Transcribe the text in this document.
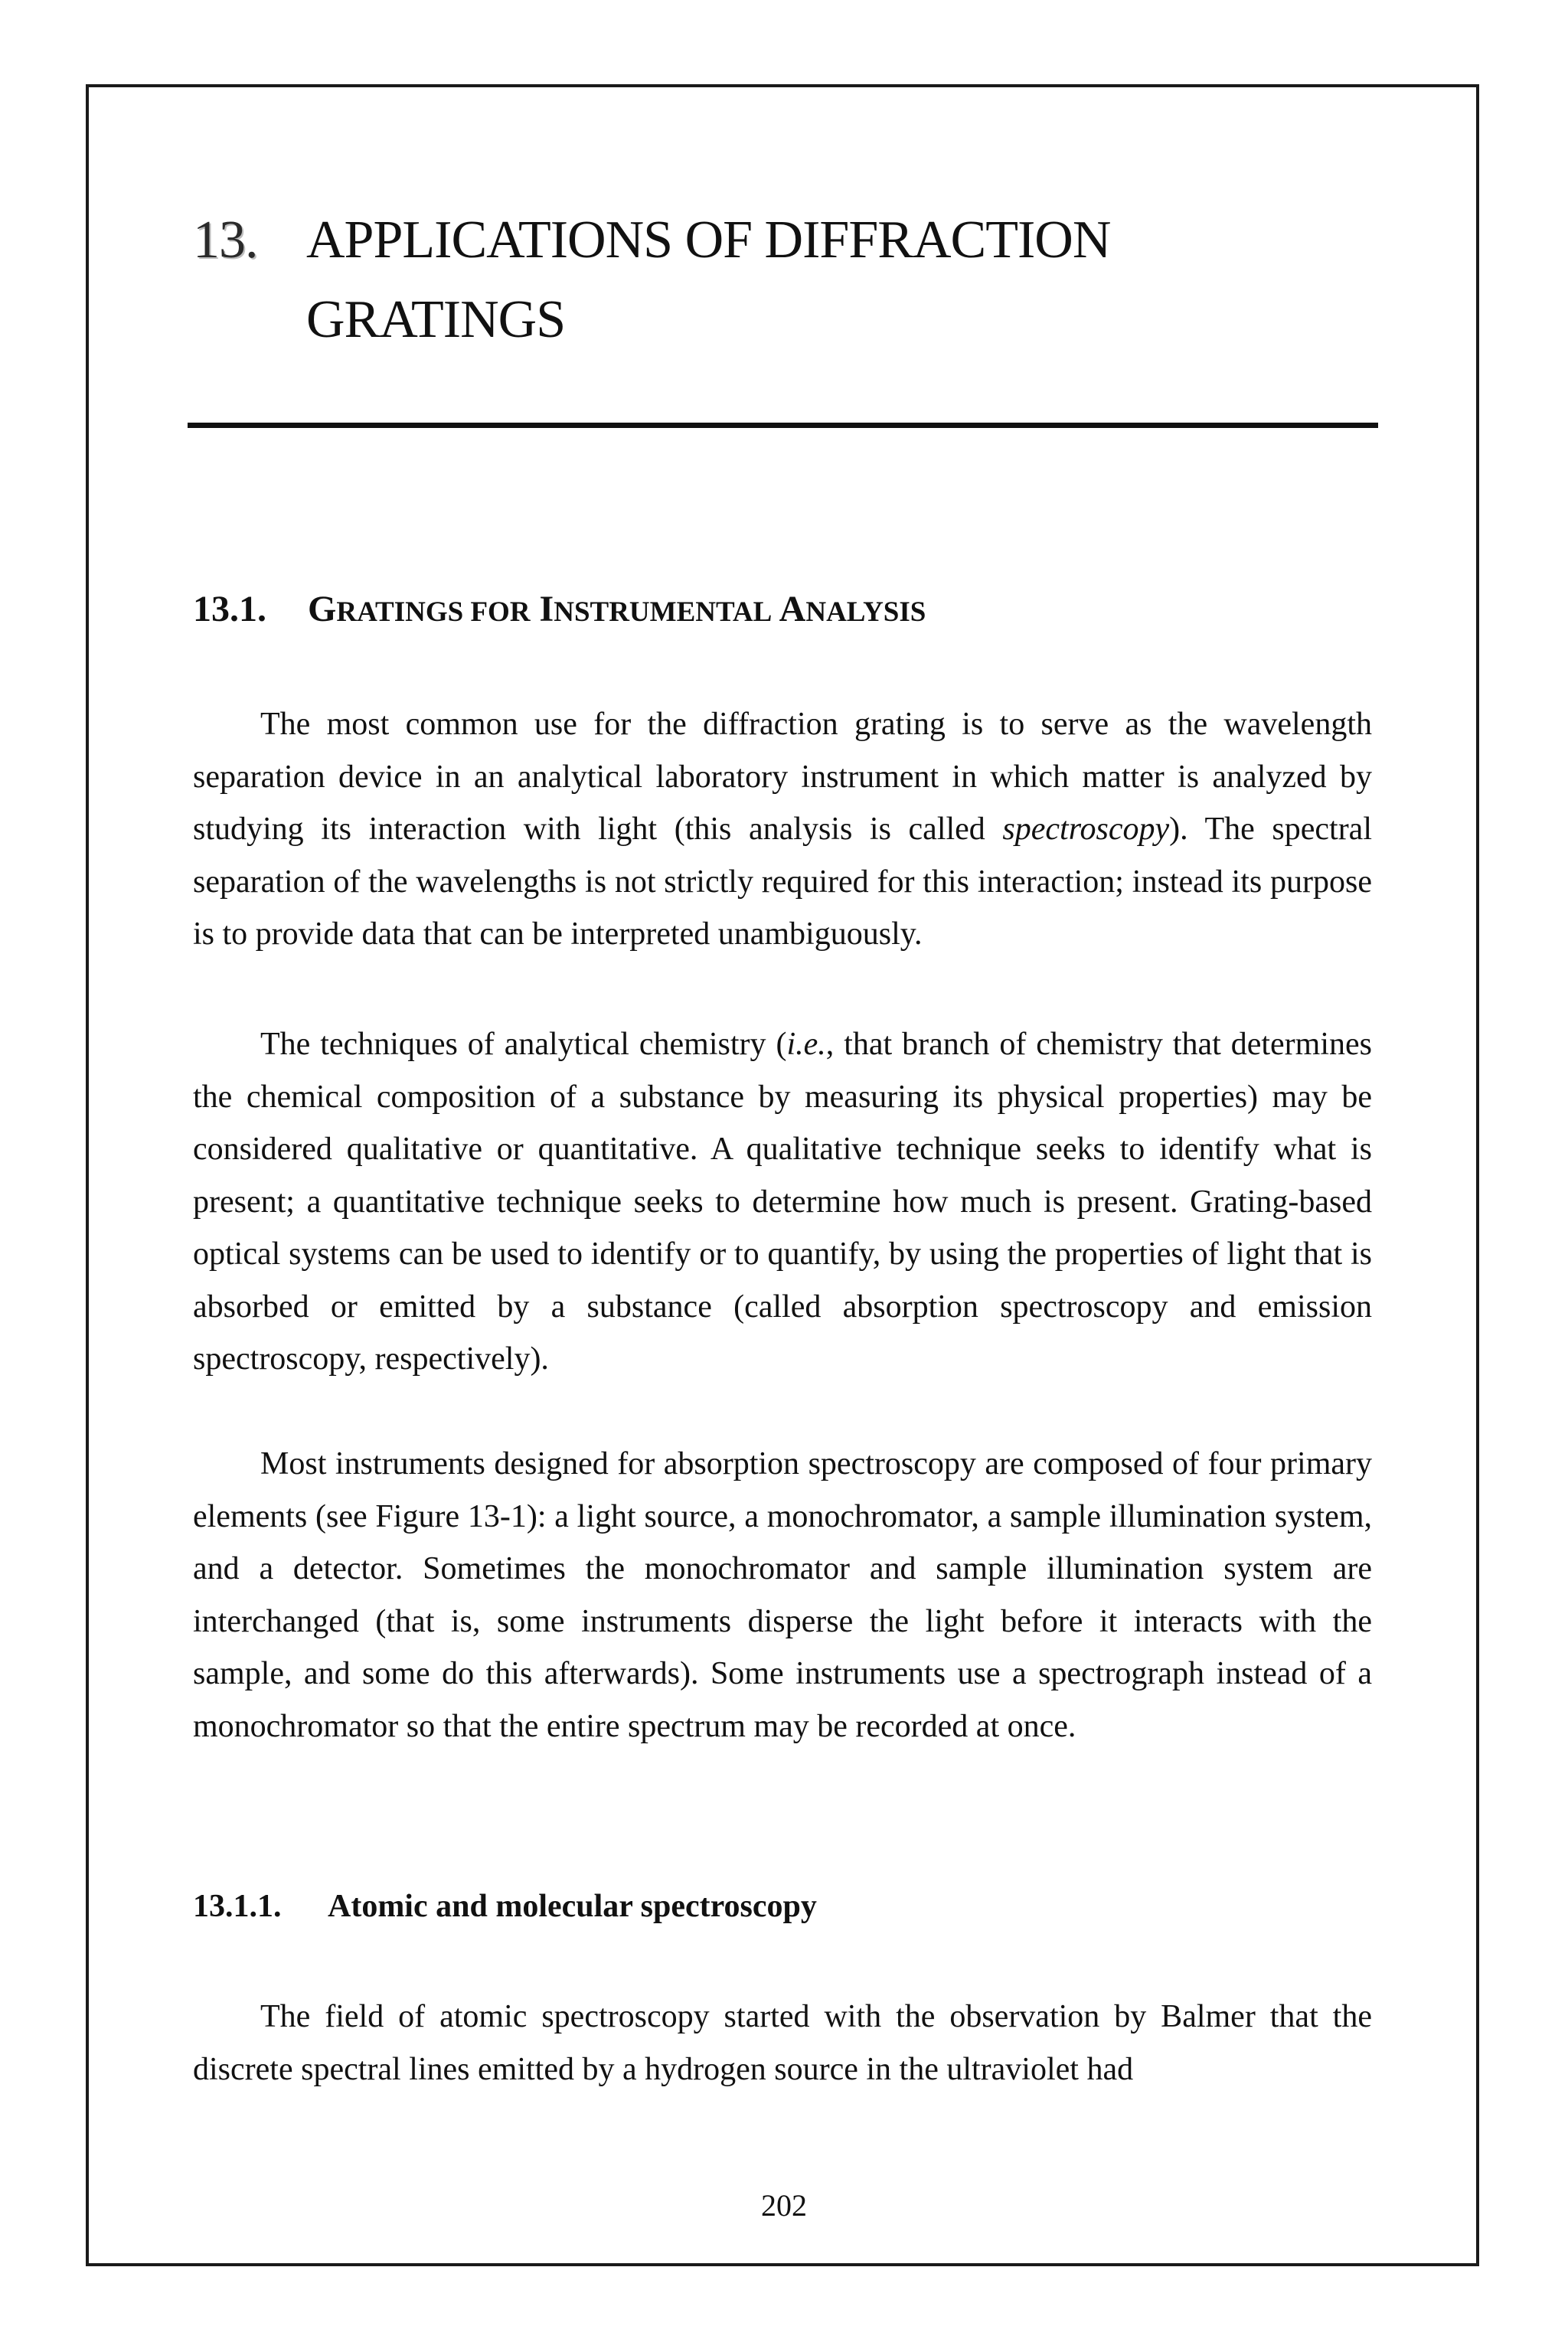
13. APPLICATIONS OF DIFFRACTION
GRATINGS
13.1. GRATINGS FOR INSTRUMENTAL ANALYSIS

The most common use for the diffraction grating is to serve as the wavelength separation device in an analytical laboratory instrument in which matter is analyzed by studying its interaction with light (this analysis is called spectroscopy). The spectral separation of the wavelengths is not strictly required for this interaction; instead its purpose is to provide data that can be interpreted unambiguously.

The techniques of analytical chemistry (i.e., that branch of chemistry that determines the chemical composition of a substance by measuring its physical properties) may be considered qualitative or quantitative. A qualitative technique seeks to identify what is present; a quantitative technique seeks to determine how much is present. Grating-based optical systems can be used to identify or to quantify, by using the properties of light that is absorbed or emitted by a substance (called absorption spectroscopy and emission spectroscopy, respectively).

Most instruments designed for absorption spectroscopy are composed of four primary elements (see Figure 13-1): a light source, a monochromator, a sample illumination system, and a detector. Sometimes the monochromator and sample illumination system are interchanged (that is, some instruments disperse the light before it interacts with the sample, and some do this afterwards). Some instruments use a spectrograph instead of a monochromator so that the entire spectrum may be recorded at once.

13.1.1. Atomic and molecular spectroscopy

The field of atomic spectroscopy started with the observation by Balmer that the discrete spectral lines emitted by a hydrogen source in the ultraviolet had

202
